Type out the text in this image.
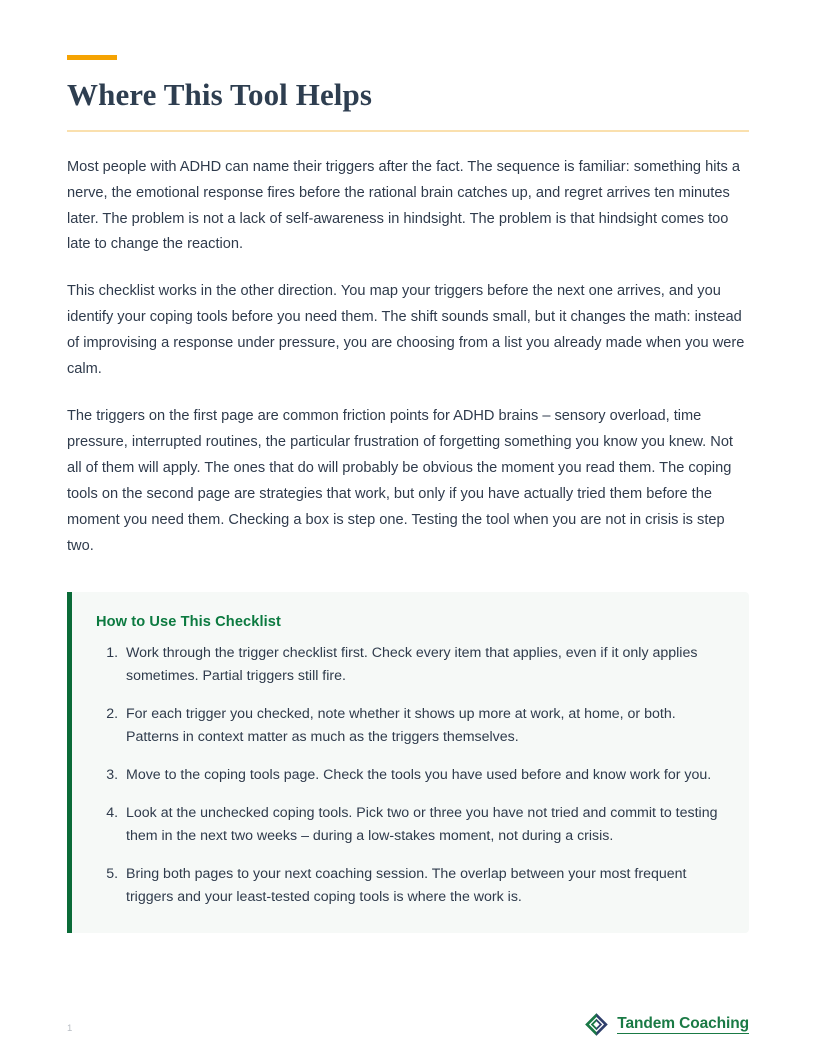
Where This Tool Helps

Most people with ADHD can name their triggers after the fact. The sequence is familiar: something hits a nerve, the emotional response fires before the rational brain catches up, and regret arrives ten minutes later. The problem is not a lack of self-awareness in hindsight. The problem is that hindsight comes too late to change the reaction.

This checklist works in the other direction. You map your triggers before the next one arrives, and you identify your coping tools before you need them. The shift sounds small, but it changes the math: instead of improvising a response under pressure, you are choosing from a list you already made when you were calm.

The triggers on the first page are common friction points for ADHD brains – sensory overload, time pressure, interrupted routines, the particular frustration of forgetting something you know you knew. Not all of them will apply. The ones that do will probably be obvious the moment you read them. The coping tools on the second page are strategies that work, but only if you have actually tried them before the moment you need them. Checking a box is step one. Testing the tool when you are not in crisis is step two.

How to Use This Checklist
1. Work through the trigger checklist first. Check every item that applies, even if it only applies sometimes. Partial triggers still fire.
2. For each trigger you checked, note whether it shows up more at work, at home, or both. Patterns in context matter as much as the triggers themselves.
3. Move to the coping tools page. Check the tools you have used before and know work for you.
4. Look at the unchecked coping tools. Pick two or three you have not tried and commit to testing them in the next two weeks – during a low-stakes moment, not during a crisis.
5. Bring both pages to your next coaching session. The overlap between your most frequent triggers and your least-tested coping tools is where the work is.
1	Tandem Coaching
